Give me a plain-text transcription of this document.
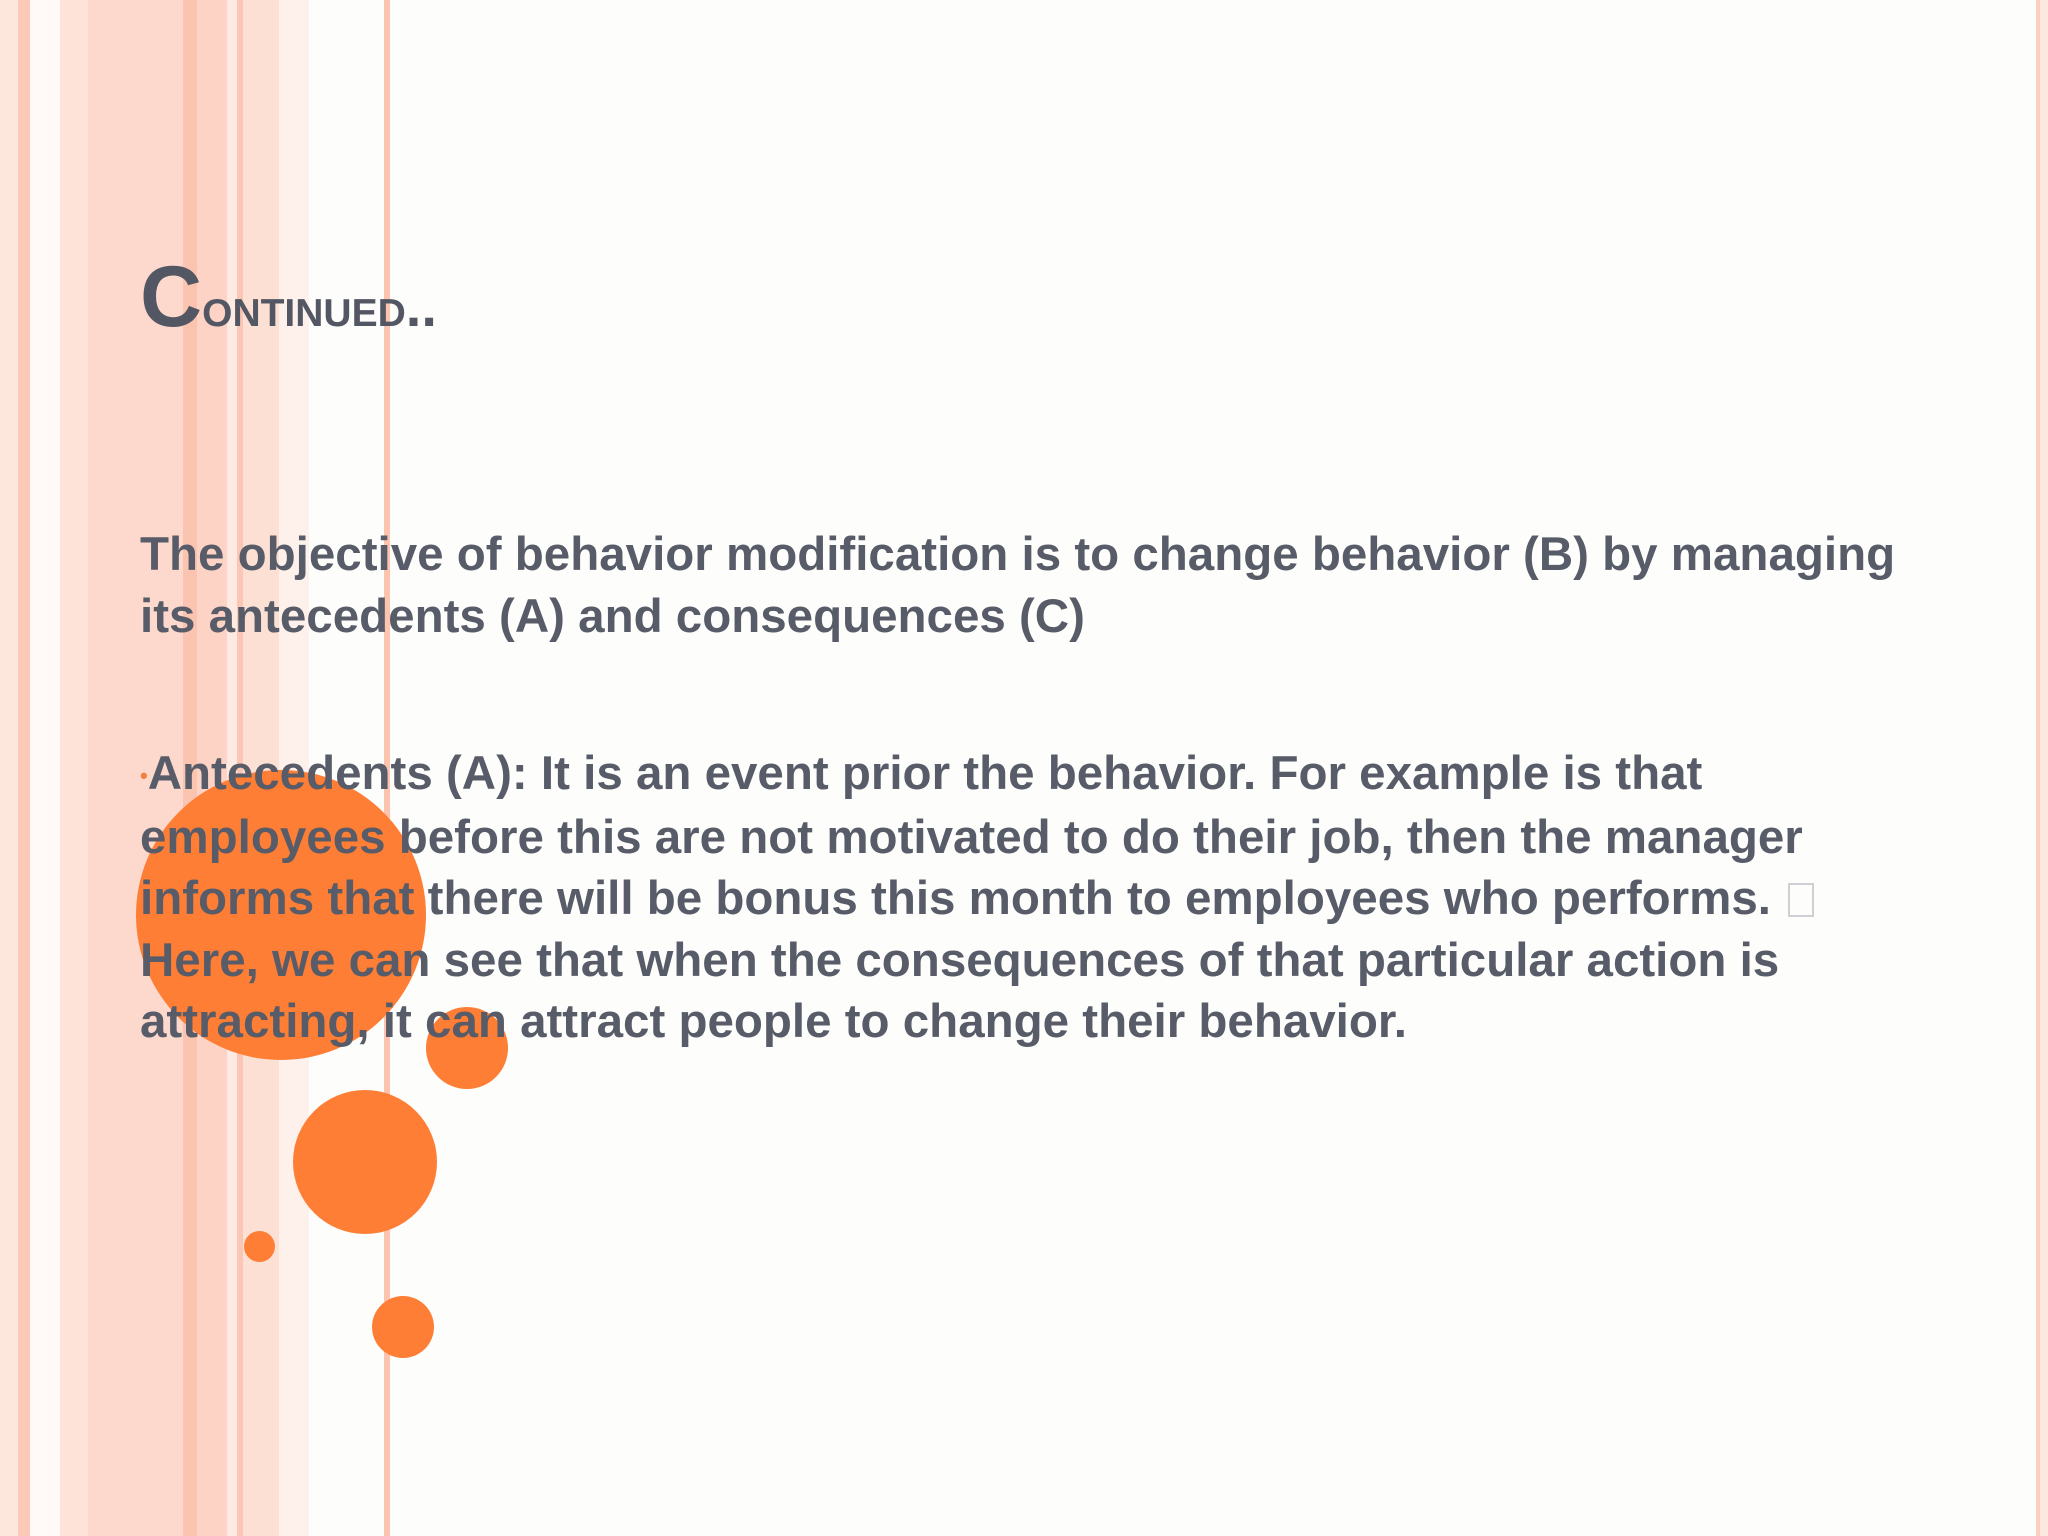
Continued..

The objective of behavior modification is to change behavior (B) by managing its antecedents (A) and consequences (C)

•Antecedents (A): It is an event prior the behavior. For example is that employees before this are not motivated to do their job, then the manager informs that there will be bonus this month to employees who performs.  Here, we can see that when the consequences of that particular action is attracting, it can attract people to change their behavior.
